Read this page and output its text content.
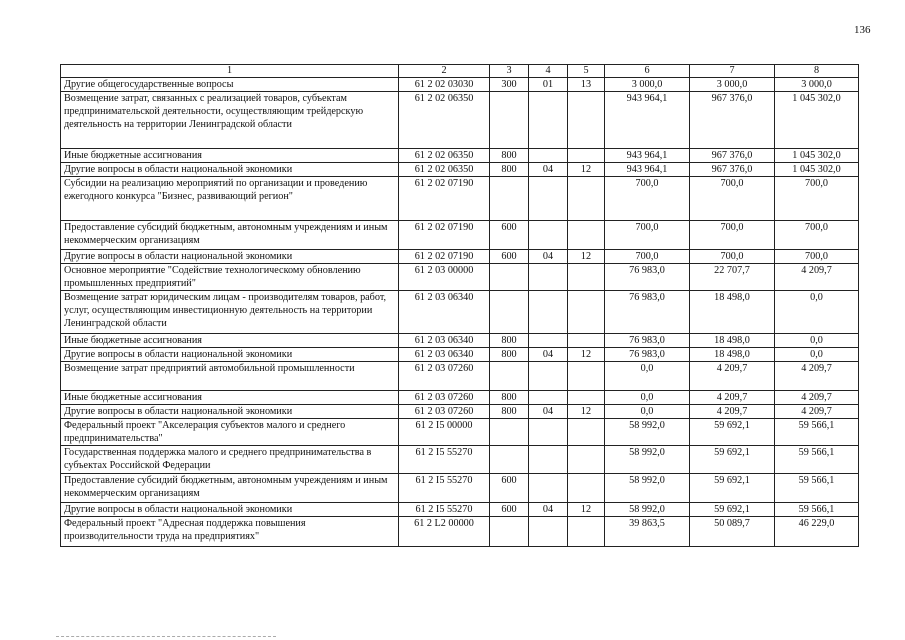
136
1	2	3	4	5	6	7	8
Другие общегосударственные вопросы	61 2 02 03030	300	01	13	3 000,0	3 000,0	3 000,0
Возмещение затрат, связанных с реализацией товаров, субъектам предпринимательской деятельности, осуществляющим трейдерскую деятельность на территории Ленинградской области	61 2 02 06350				943 964,1	967 376,0	1 045 302,0
Иные бюджетные ассигнования	61 2 02 06350	800			943 964,1	967 376,0	1 045 302,0
Другие вопросы в области национальной экономики	61 2 02 06350	800	04	12	943 964,1	967 376,0	1 045 302,0
Субсидии на реализацию мероприятий по организации и проведению ежегодного конкурса "Бизнес, развивающий регион"	61 2 02 07190				700,0	700,0	700,0
Предоставление субсидий бюджетным, автономным учреждениям и иным некоммерческим организациям	61 2 02 07190	600			700,0	700,0	700,0
Другие вопросы в области национальной экономики	61 2 02 07190	600	04	12	700,0	700,0	700,0
Основное мероприятие "Содействие технологическому обновлению промышленных предприятий"	61 2 03 00000				76 983,0	22 707,7	4 209,7
Возмещение затрат юридическим лицам - производителям товаров, работ, услуг, осуществляющим инвестиционную деятельность на территории Ленинградской области	61 2 03 06340				76 983,0	18 498,0	0,0
Иные бюджетные ассигнования	61 2 03 06340	800			76 983,0	18 498,0	0,0
Другие вопросы в области национальной экономики	61 2 03 06340	800	04	12	76 983,0	18 498,0	0,0
Возмещение затрат предприятий автомобильной промышленности	61 2 03 07260				0,0	4 209,7	4 209,7
Иные бюджетные ассигнования	61 2 03 07260	800			0,0	4 209,7	4 209,7
Другие вопросы в области национальной экономики	61 2 03 07260	800	04	12	0,0	4 209,7	4 209,7
Федеральный проект "Акселерация субъектов малого и среднего предпринимательства"	61 2 I5 00000				58 992,0	59 692,1	59 566,1
Государственная поддержка малого и среднего предпринимательства в субъектах Российской Федерации	61 2 I5 55270				58 992,0	59 692,1	59 566,1
Предоставление субсидий бюджетным, автономным учреждениям и иным некоммерческим организациям	61 2 I5 55270	600			58 992,0	59 692,1	59 566,1
Другие вопросы в области национальной экономики	61 2 I5 55270	600	04	12	58 992,0	59 692,1	59 566,1
Федеральный проект "Адресная поддержка повышения производительности труда на предприятиях"	61 2 L2 00000				39 863,5	50 089,7	46 229,0
